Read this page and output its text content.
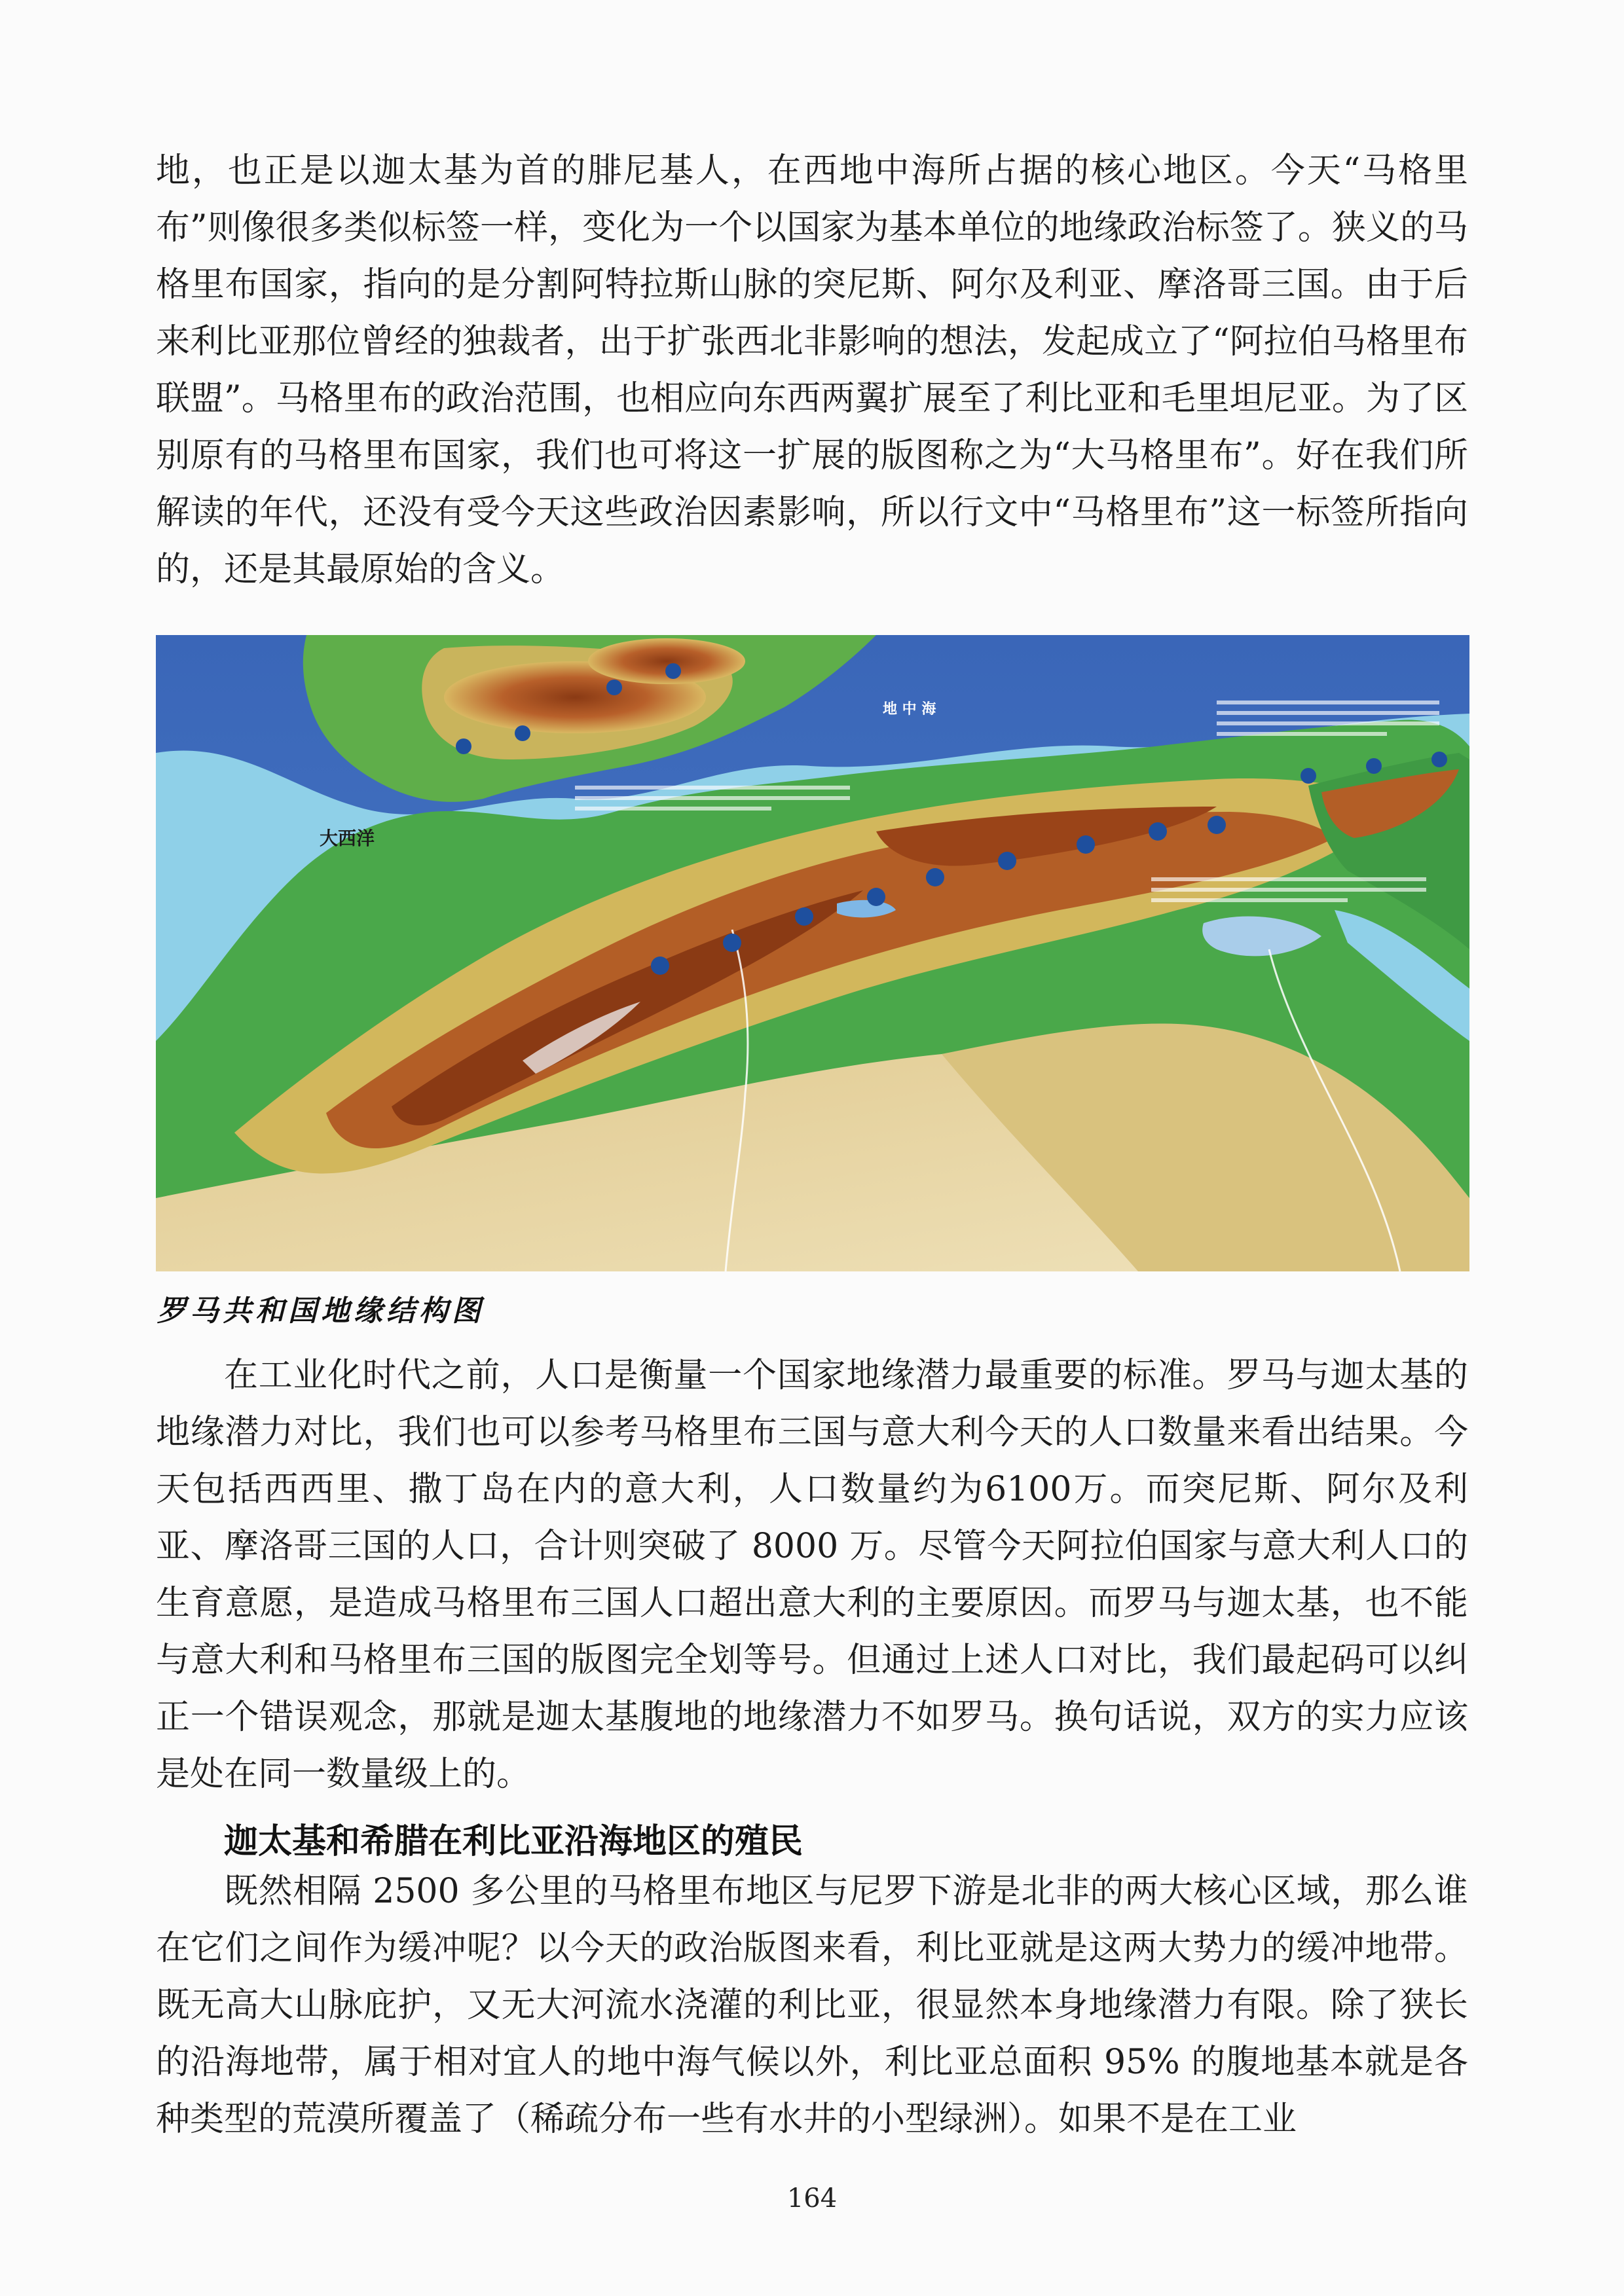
地，也正是以迦太基为首的腓尼基人，在西地中海所占据的核心地区。今天“马格里布”则像很多类似标签一样，变化为一个以国家为基本单位的地缘政治标签了。狭义的马格里布国家，指向的是分割阿特拉斯山脉的突尼斯、阿尔及利亚、摩洛哥三国。由于后来利比亚那位曾经的独裁者，出于扩张西北非影响的想法，发起成立了“阿拉伯马格里布联盟”。马格里布的政治范围，也相应向东西两翼扩展至了利比亚和毛里坦尼亚。为了区别原有的马格里布国家，我们也可将这一扩展的版图称之为“大马格里布”。好在我们所解读的年代，还没有受今天这些政治因素影响，所以行文中“马格里布”这一标签所指向的，还是其最原始的含义。

大西洋
地 中 海
罗马共和国地缘结构图

在工业化时代之前，人口是衡量一个国家地缘潜力最重要的标准。罗马与迦太基的地缘潜力对比，我们也可以参考马格里布三国与意大利今天的人口数量来看出结果。今天包括西西里、撒丁岛在内的意大利，人口数量约为6100万。而突尼斯、阿尔及利亚、摩洛哥三国的人口，合计则突破了 8000 万。尽管今天阿拉伯国家与意大利人口的生育意愿，是造成马格里布三国人口超出意大利的主要原因。而罗马与迦太基，也不能与意大利和马格里布三国的版图完全划等号。但通过上述人口对比，我们最起码可以纠正一个错误观念，那就是迦太基腹地的地缘潜力不如罗马。换句话说，双方的实力应该是处在同一数量级上的。

迦太基和希腊在利比亚沿海地区的殖民

既然相隔 2500 多公里的马格里布地区与尼罗下游是北非的两大核心区域，那么谁在它们之间作为缓冲呢？以今天的政治版图来看，利比亚就是这两大势力的缓冲地带。既无高大山脉庇护，又无大河流水浇灌的利比亚，很显然本身地缘潜力有限。除了狭长的沿海地带，属于相对宜人的地中海气候以外，利比亚总面积 95% 的腹地基本就是各种类型的荒漠所覆盖了（稀疏分布一些有水井的小型绿洲）。如果不是在工业

164
